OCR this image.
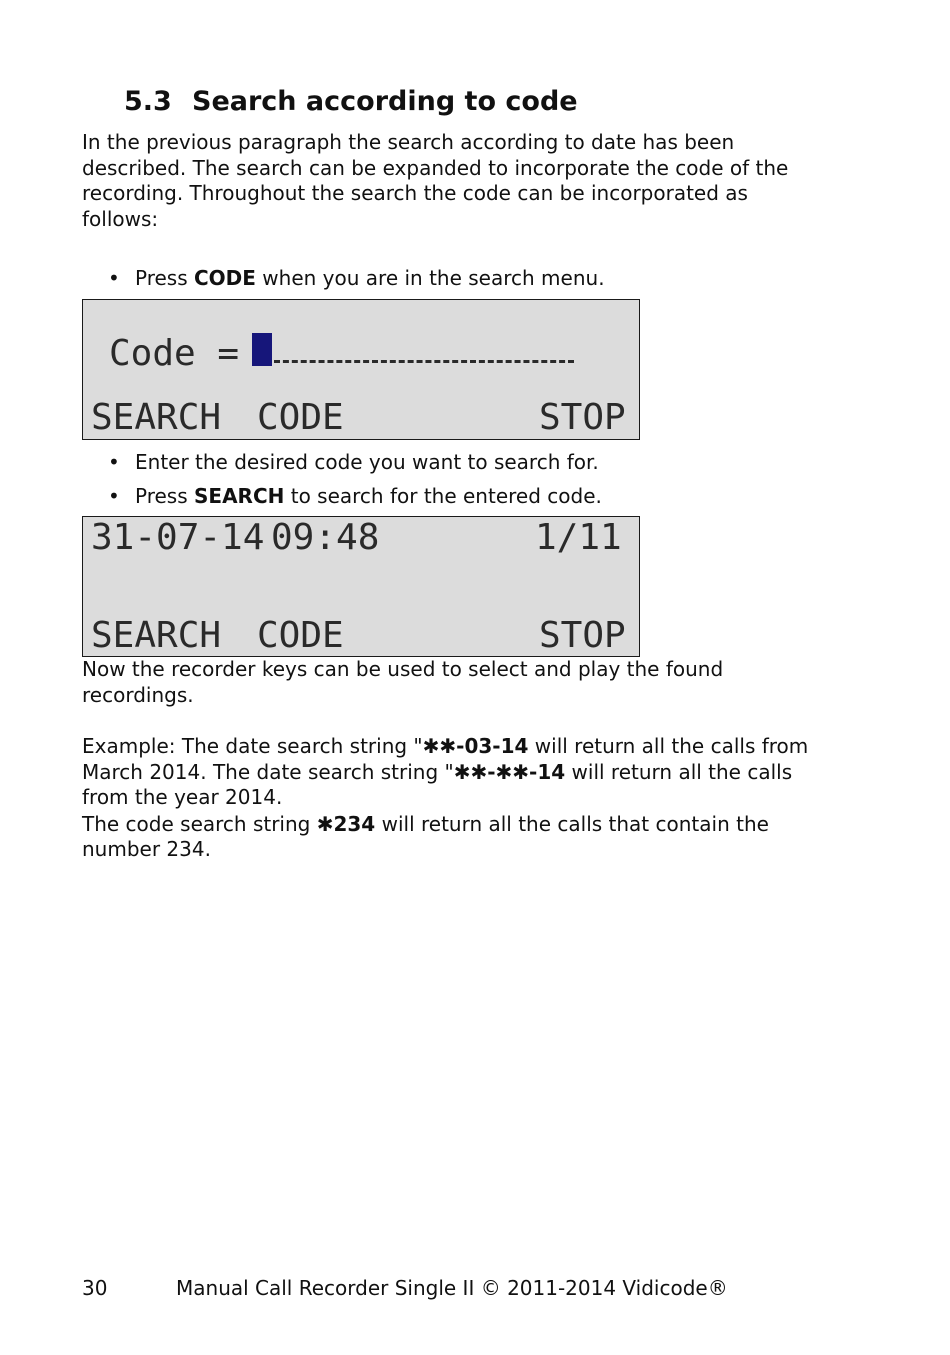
5.3 Search according to code
In the previous paragraph the search according to date has been
described. The search can be expanded to incorporate the code of the
recording. Throughout the search the code can be incorporated as
follows:
• Press CODE when you are in the search menu.
Code =
SEARCH CODE	STOP
• Enter the desired code you want to search for.
• Press SEARCH to search for the entered code.
31-07-14 09:48	1/11
SEARCH CODE	STOP
Now the recorder keys can be used to select and play the found
recordings.
Example: The date search string "✱✱-03-14 will return all the calls from
March 2014. The date search string "✱✱-✱✱-14 will return all the calls
from the year 2014.
The code search string ✱234 will return all the calls that contain the
number 234.
30	Manual Call Recorder Single II © 2011-2014 Vidicode®
